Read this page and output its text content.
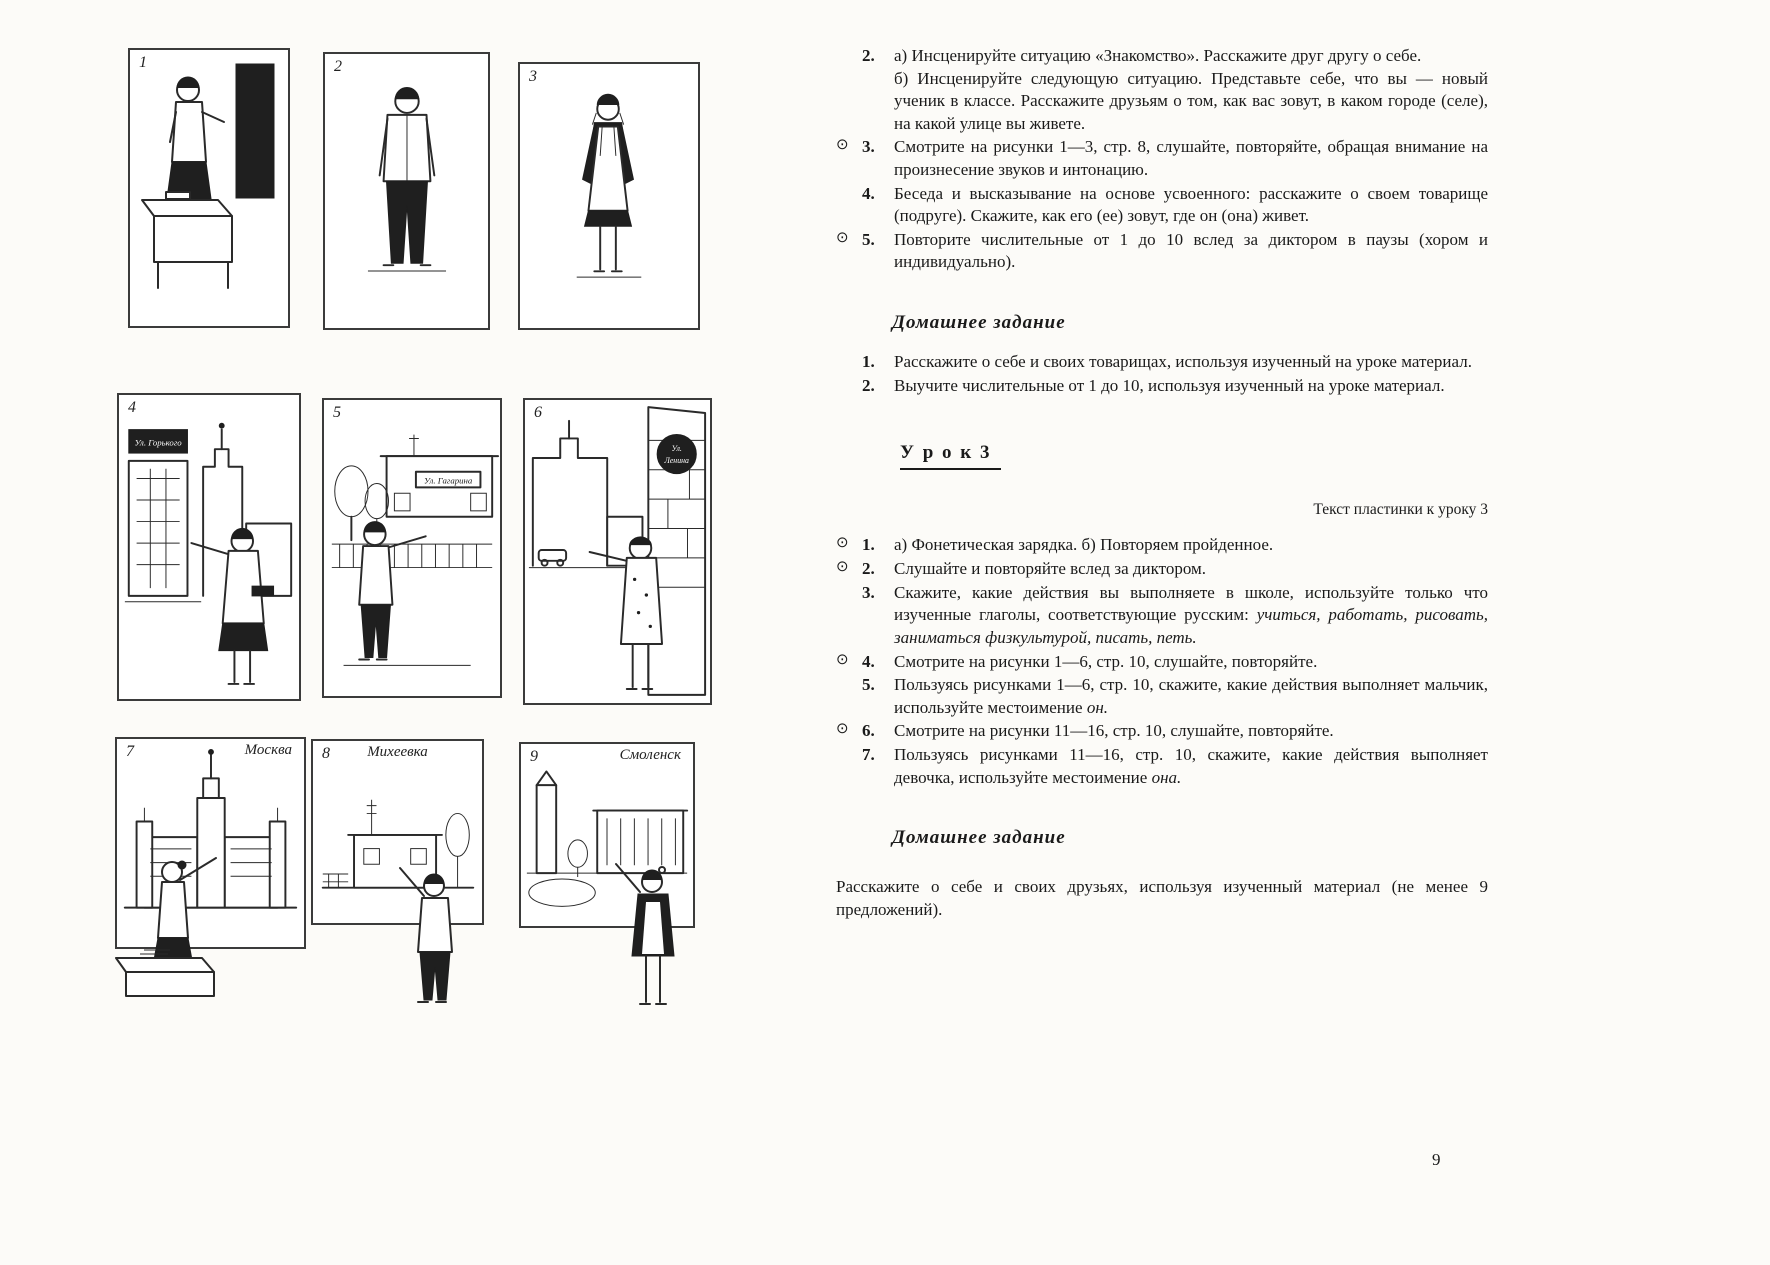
1	2
3
4
Ул. Горького
5
Ул. Гагарина
6
Ул.
Ленина
7	Москва 8 Михеевка	9	Смоленск
2.	а) Инсценируйте ситуацию «Знакомство». Расскажите друг другу о себе.
б) Инсценируйте следующую ситуацию. Представьте себе, что вы — новый ученик в классе. Расскажите друзьям о том, как вас зовут, в каком городе (селе), на какой улице вы живете.
⊙ 3.	Смотрите на рисунки 1—3, стр. 8, слушайте, повторяйте, обращая внимание на произнесение звуков и интонацию.
4.	Беседа и высказывание на основе усвоенного: расскажите о своем товарище (подруге). Скажите, как его (ее) зовут, где он (она) живет.
⊙ 5.	Повторите числительные от 1 до 10 вслед за диктором в паузы (хором и индивидуально).
Домашнее задание
1.	Расскажите о себе и своих товарищах, используя изученный на уроке материал.
2.	Выучите числительные от 1 до 10, используя изученный на уроке материал.
У р о к 3
Текст пластинки к уроку 3
⊙ 1.	а) Фонетическая зарядка. б) Повторяем пройденное.
⊙ 2.	Слушайте и повторяйте вслед за диктором.
3.	Скажите, какие действия вы выполняете в школе, используйте только что изученные глаголы, соответствующие русским: учиться, работать, рисовать, заниматься физкультурой, писать, петь.
⊙ 4.	Смотрите на рисунки 1—6, стр. 10, слушайте, повторяйте.
5.	Пользуясь рисунками 1—6, стр. 10, скажите, какие действия выполняет мальчик, используйте местоимение он.
⊙ 6.	Смотрите на рисунки 11—16, стр. 10, слушайте, повторяйте.
7.	Пользуясь рисунками 11—16, стр. 10, скажите, какие действия выполняет девочка, используйте местоимение она.
Домашнее задание
Расскажите о себе и своих друзьях, используя изученный материал (не менее 9 предложений).
9
